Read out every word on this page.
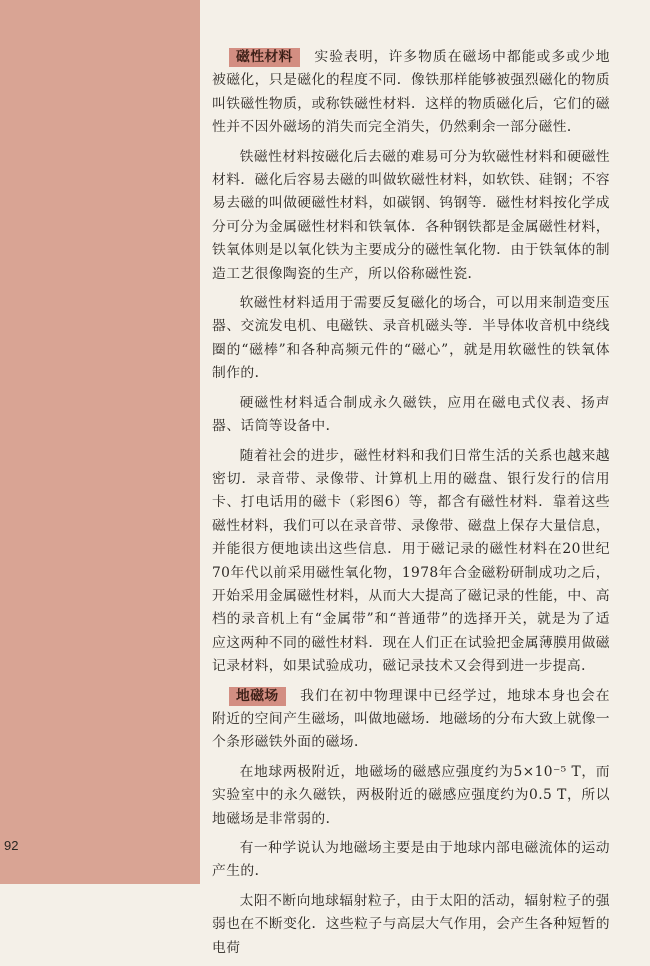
92

磁性材料 实验表明，许多物质在磁场中都能或多或少地被磁化，只是磁化的程度不同．像铁那样能够被强烈磁化的物质叫铁磁性物质，或称铁磁性材料．这样的物质磁化后，它们的磁性并不因外磁场的消失而完全消失，仍然剩余一部分磁性．

铁磁性材料按磁化后去磁的难易可分为软磁性材料和硬磁性材料．磁化后容易去磁的叫做软磁性材料，如软铁、硅钢；不容易去磁的叫做硬磁性材料，如碳钢、钨钢等．磁性材料按化学成分可分为金属磁性材料和铁氧体．各种钢铁都是金属磁性材料，铁氧体则是以氧化铁为主要成分的磁性氧化物．由于铁氧体的制造工艺很像陶瓷的生产，所以俗称磁性瓷．

软磁性材料适用于需要反复磁化的场合，可以用来制造变压器、交流发电机、电磁铁、录音机磁头等．半导体收音机中绕线圈的“磁棒”和各种高频元件的“磁心”，就是用软磁性的铁氧体制作的．

硬磁性材料适合制成永久磁铁，应用在磁电式仪表、扬声器、话筒等设备中．

随着社会的进步，磁性材料和我们日常生活的关系也越来越密切．录音带、录像带、计算机上用的磁盘、银行发行的信用卡、打电话用的磁卡（彩图6）等，都含有磁性材料．靠着这些磁性材料，我们可以在录音带、录像带、磁盘上保存大量信息，并能很方便地读出这些信息．用于磁记录的磁性材料在20世纪70年代以前采用磁性氧化物，1978年合金磁粉研制成功之后，开始采用金属磁性材料，从而大大提高了磁记录的性能，中、高档的录音机上有“金属带”和“普通带”的选择开关，就是为了适应这两种不同的磁性材料．现在人们正在试验把金属薄膜用做磁记录材料，如果试验成功，磁记录技术又会得到进一步提高．

地磁场 我们在初中物理课中已经学过，地球本身也会在附近的空间产生磁场，叫做地磁场．地磁场的分布大致上就像一个条形磁铁外面的磁场．

在地球两极附近，地磁场的磁感应强度约为5×10⁻⁵ T，而实验室中的永久磁铁，两极附近的磁感应强度约为0.5 T，所以地磁场是非常弱的．

有一种学说认为地磁场主要是由于地球内部电磁流体的运动产生的．

太阳不断向地球辐射粒子，由于太阳的活动，辐射粒子的强弱也在不断变化．这些粒子与高层大气作用，会产生各种短暂的电荷
